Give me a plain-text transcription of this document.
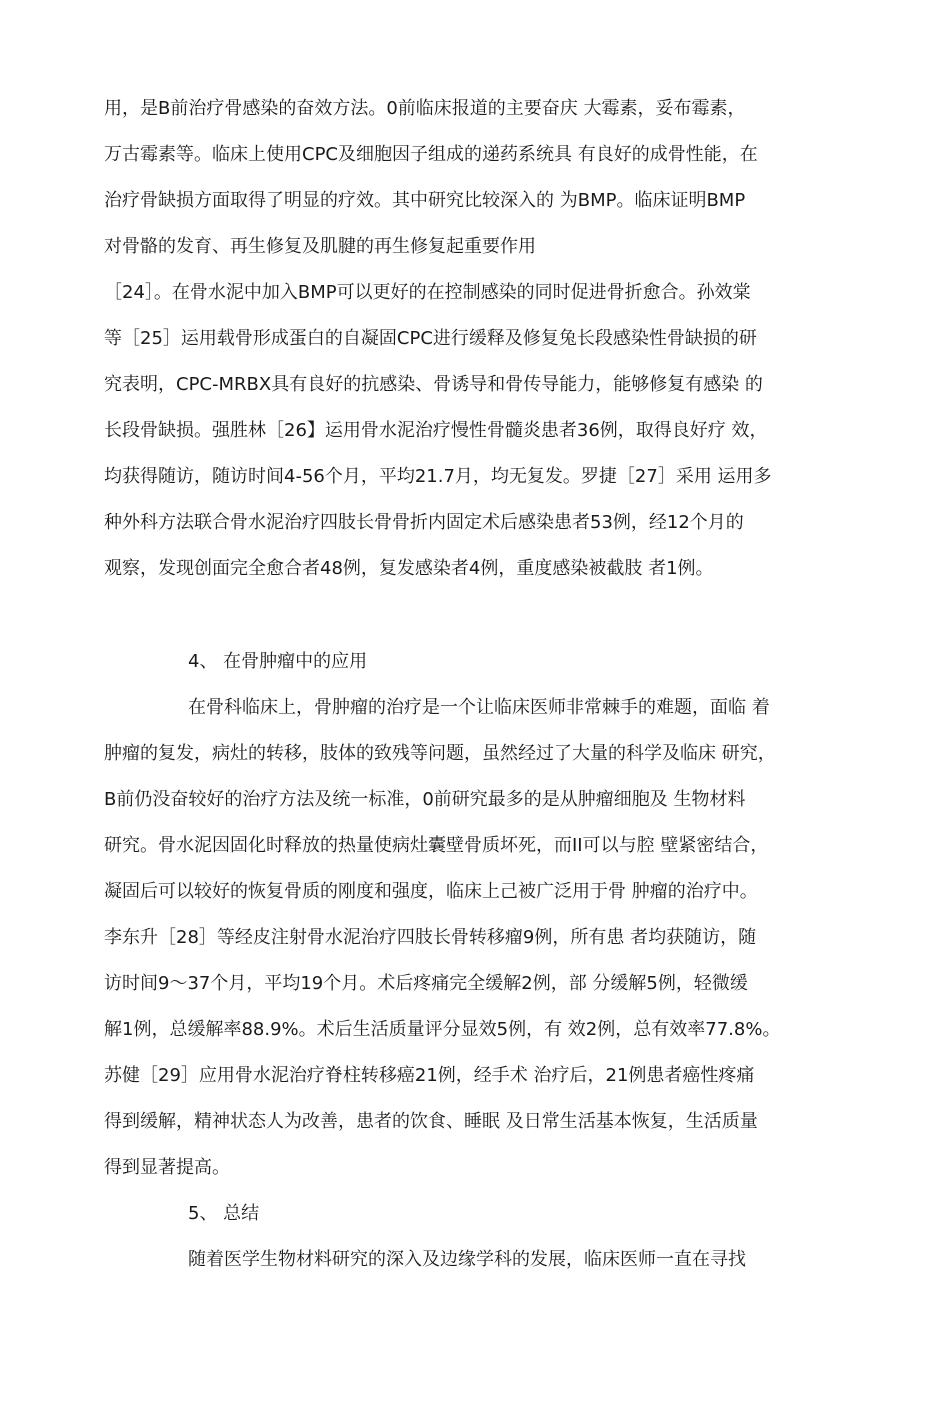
用，是B前治疗骨感染的奋效方法。0前临床报道的主要奋庆 大霉素，妥布霉素，
万古霉素等。临床上使用CPC及细胞因子组成的递药系统具 有良好的成骨性能，在
治疗骨缺损方面取得了明显的疗效。其中研究比较深入的 为BMP。临床证明BMP
对骨骼的发育、再生修复及肌腱的再生修复起重要作用
［24］。在骨水泥中加入BMP可以更好的在控制感染的同时促进骨折愈合。孙效棠
等［25］运用载骨形成蛋白的自凝固CPC进行缓释及修复兔长段感染性骨缺损的研
究表明，CPC-MRBX具有良好的抗感染、骨诱导和骨传导能力，能够修复有感染 的
长段骨缺损。强胜林［26】运用骨水泥治疗慢性骨髓炎患者36例，取得良好疗 效，
均获得随访，随访时间4-56个月，平均21.7月，均无复发。罗捷［27］采用 运用多
种外科方法联合骨水泥治疗四肢长骨骨折内固定术后感染患者53例，经12个月的
观察，发现创面完全愈合者48例，复发感染者4例，重度感染被截肢 者1例。
4、 在骨肿瘤中的应用
在骨科临床上，骨肿瘤的治疗是一个让临床医师非常棘手的难题，面临 着
肿瘤的复发，病灶的转移，肢体的致残等问题，虽然经过了大量的科学及临床 研究，
B前仍没奋较好的治疗方法及统一标准，0前研究最多的是从肿瘤细胞及 生物材料
研究。骨水泥因固化时释放的热量使病灶囊壁骨质坏死，而II可以与腔 壁紧密结合，
凝固后可以较好的恢复骨质的刚度和强度，临床上己被广泛用于骨 肿瘤的治疗中。
李东升［28］等经皮注射骨水泥治疗四肢长骨转移瘤9例，所有患 者均获随访，随
访时间9〜37个月，平均19个月。术后疼痛完全缓解2例，部 分缓解5例，轻微缓
解1例，总缓解率88.9%。术后生活质量评分显效5例，有 效2例，总有效率77.8%。
苏健［29］应用骨水泥治疗脊柱转移癌21例，经手术 治疗后，21例患者癌性疼痛
得到缓解，精神状态人为改善，患者的饮食、睡眠 及日常生活基本恢复，生活质量
得到显著提高。
5、 总结
随着医学生物材料研究的深入及边缘学科的发展，临床医师一直在寻找
